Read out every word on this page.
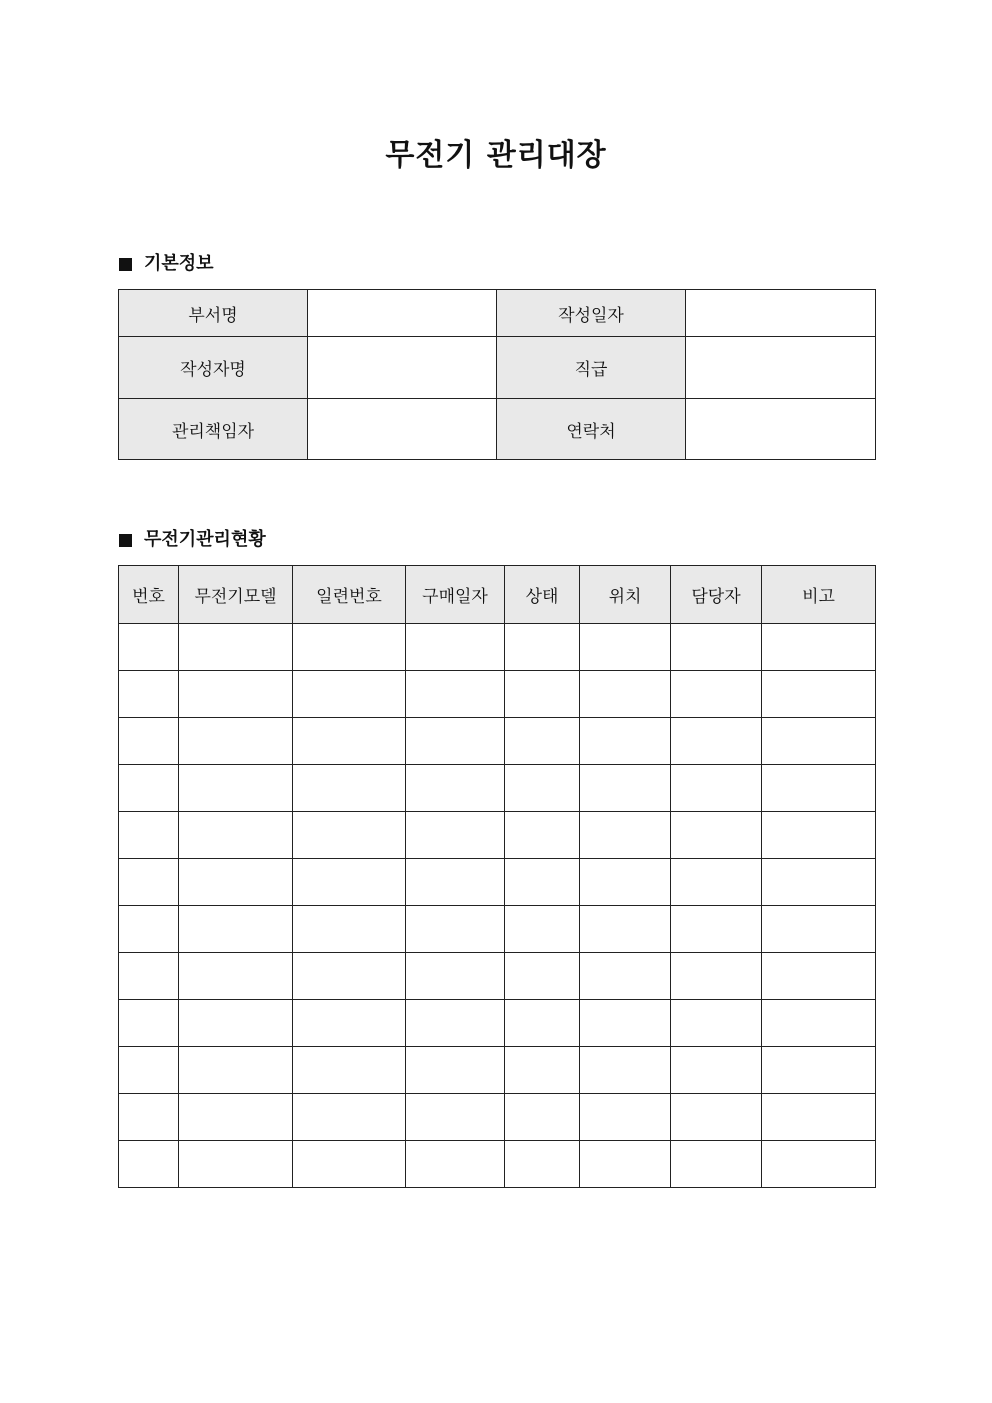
무전기 관리대장
기본정보
부서명		작성일자	
작성자명		직급	
관리책임자		연락처	
무전기관리현황
번호	무전기모델	일련번호	구매일자	상태	위치	담당자	비고
